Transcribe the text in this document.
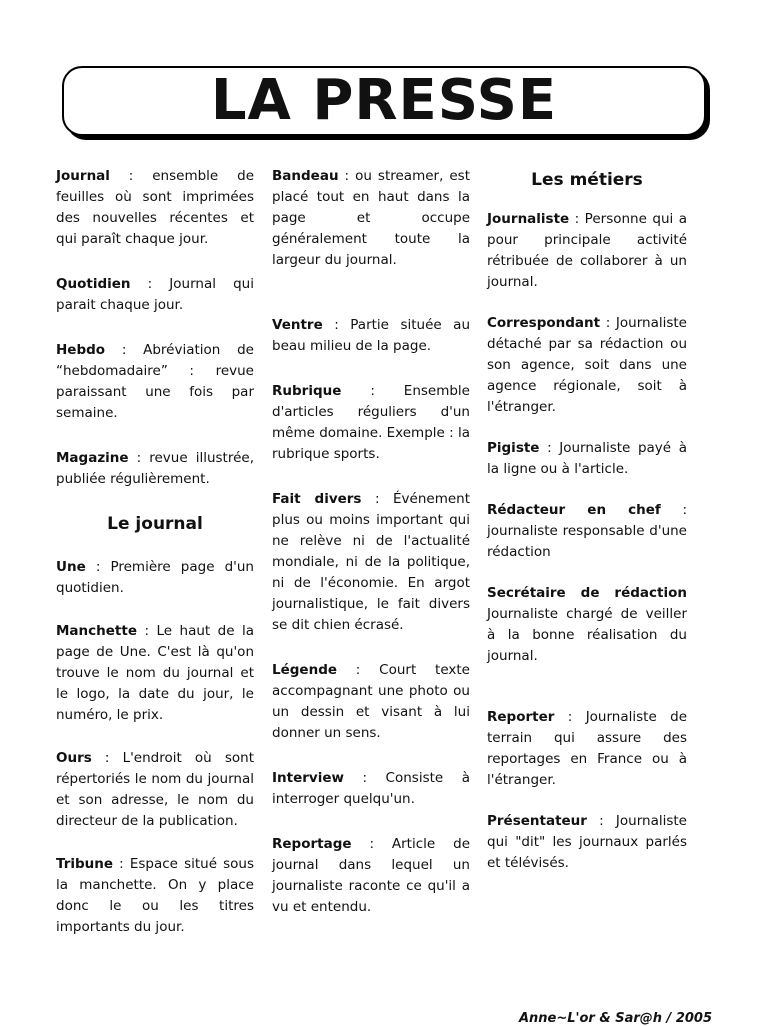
LA PRESSE

Journal : ensemble de feuilles où sont imprimées des nouvelles récentes et qui paraît chaque jour.

Quotidien : Journal qui parait chaque jour.

Hebdo : Abréviation de “hebdomadaire” : revue paraissant une fois par semaine.

Magazine : revue illustrée, publiée régulièrement.

Le journal

Une : Première page d'un quotidien.

Manchette : Le haut de la page de Une. C'est là qu'on trouve le nom du journal et le logo, la date du jour, le numéro, le prix.

Ours : L'endroit où sont répertoriés le nom du journal et son adresse, le nom du directeur de la publication.

Tribune : Espace situé sous la manchette. On y place donc le ou les titres importants du jour.

Bandeau : ou streamer, est placé tout en haut dans la page et occupe généralement toute la largeur du journal.

Ventre : Partie située au beau milieu de la page.

Rubrique : Ensemble d'articles réguliers d'un même domaine. Exemple : la rubrique sports.

Fait divers : Événement plus ou moins important qui ne relève ni de l'actualité mondiale, ni de la politique, ni de l'économie. En argot journalistique, le fait divers se dit chien écrasé.

Légende : Court texte accompagnant une photo ou un dessin et visant à lui donner un sens.

Interview : Consiste à interroger quelqu'un.

Reportage : Article de journal dans lequel un journaliste raconte ce qu'il a vu et entendu.

Les métiers

Journaliste : Personne qui a pour principale activité rétribuée de collaborer à un journal.

Correspondant : Journaliste détaché par sa rédaction ou son agence, soit dans une agence régionale, soit à l'étranger.

Pigiste : Journaliste payé à la ligne ou à l'article.

Rédacteur en chef : journaliste responsable d'une rédaction

Secrétaire de rédaction Journaliste chargé de veiller à la bonne réalisation du journal.

Reporter : Journaliste de terrain qui assure des reportages en France ou à l'étranger.

Présentateur : Journaliste qui "dit" les journaux parlés et télévisés.

Anne~L'or & Sar@h / 2005
